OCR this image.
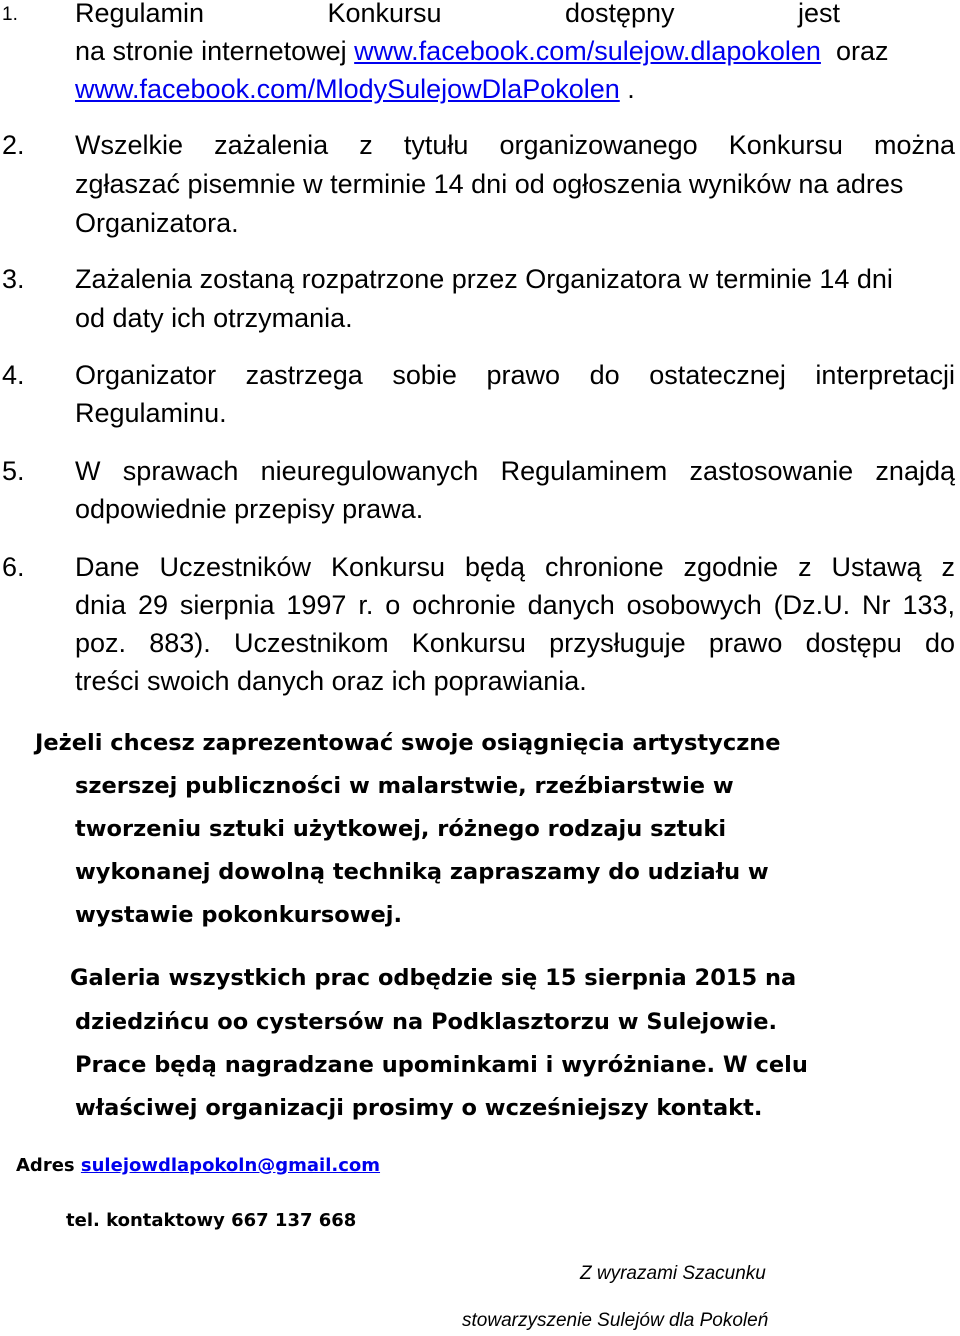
1. Regulamin Konkursu dostępny jest
na stronie internetowej www.facebook.com/sulejow.dlapokolen  oraz
www.facebook.com/MlodySulejowDlaPokolen .
2. Wszelkie zażalenia z tytułu organizowanego Konkursu można
zgłaszać pisemnie w terminie 14 dni od ogłoszenia wyników na adres
Organizatora.
3. Zażalenia zostaną rozpatrzone przez Organizatora w terminie 14 dni
od daty ich otrzymania.
4. Organizator zastrzega sobie prawo do ostatecznej interpretacji
Regulaminu.
5. W sprawach nieuregulowanych Regulaminem zastosowanie znajdą
odpowiednie przepisy prawa.
6. Dane Uczestników Konkursu będą chronione zgodnie z Ustawą z
dnia 29 sierpnia 1997 r. o ochronie danych osobowych (Dz.U. Nr 133,
poz. 883). Uczestnikom Konkursu przysługuje prawo dostępu do
treści swoich danych oraz ich poprawiania.
Jeżeli chcesz zaprezentować swoje osiągnięcia artystyczne
szerszej publiczności w malarstwie, rzeźbiarstwie w
tworzeniu sztuki użytkowej, różnego rodzaju sztuki
wykonanej dowolną techniką zapraszamy do udziału w
wystawie pokonkursowej.
Galeria wszystkich prac odbędzie się 15 sierpnia 2015 na
dziedzińcu oo cystersów na Podklasztorzu w Sulejowie.
Prace będą nagradzane upominkami i wyróżniane. W celu
właściwej organizacji prosimy o wcześniejszy kontakt.
Adres sulejowdlapokoln@gmail.com
tel. kontaktowy 667 137 668
Z wyrazami Szacunku
stowarzyszenie Sulejów dla Pokoleń
